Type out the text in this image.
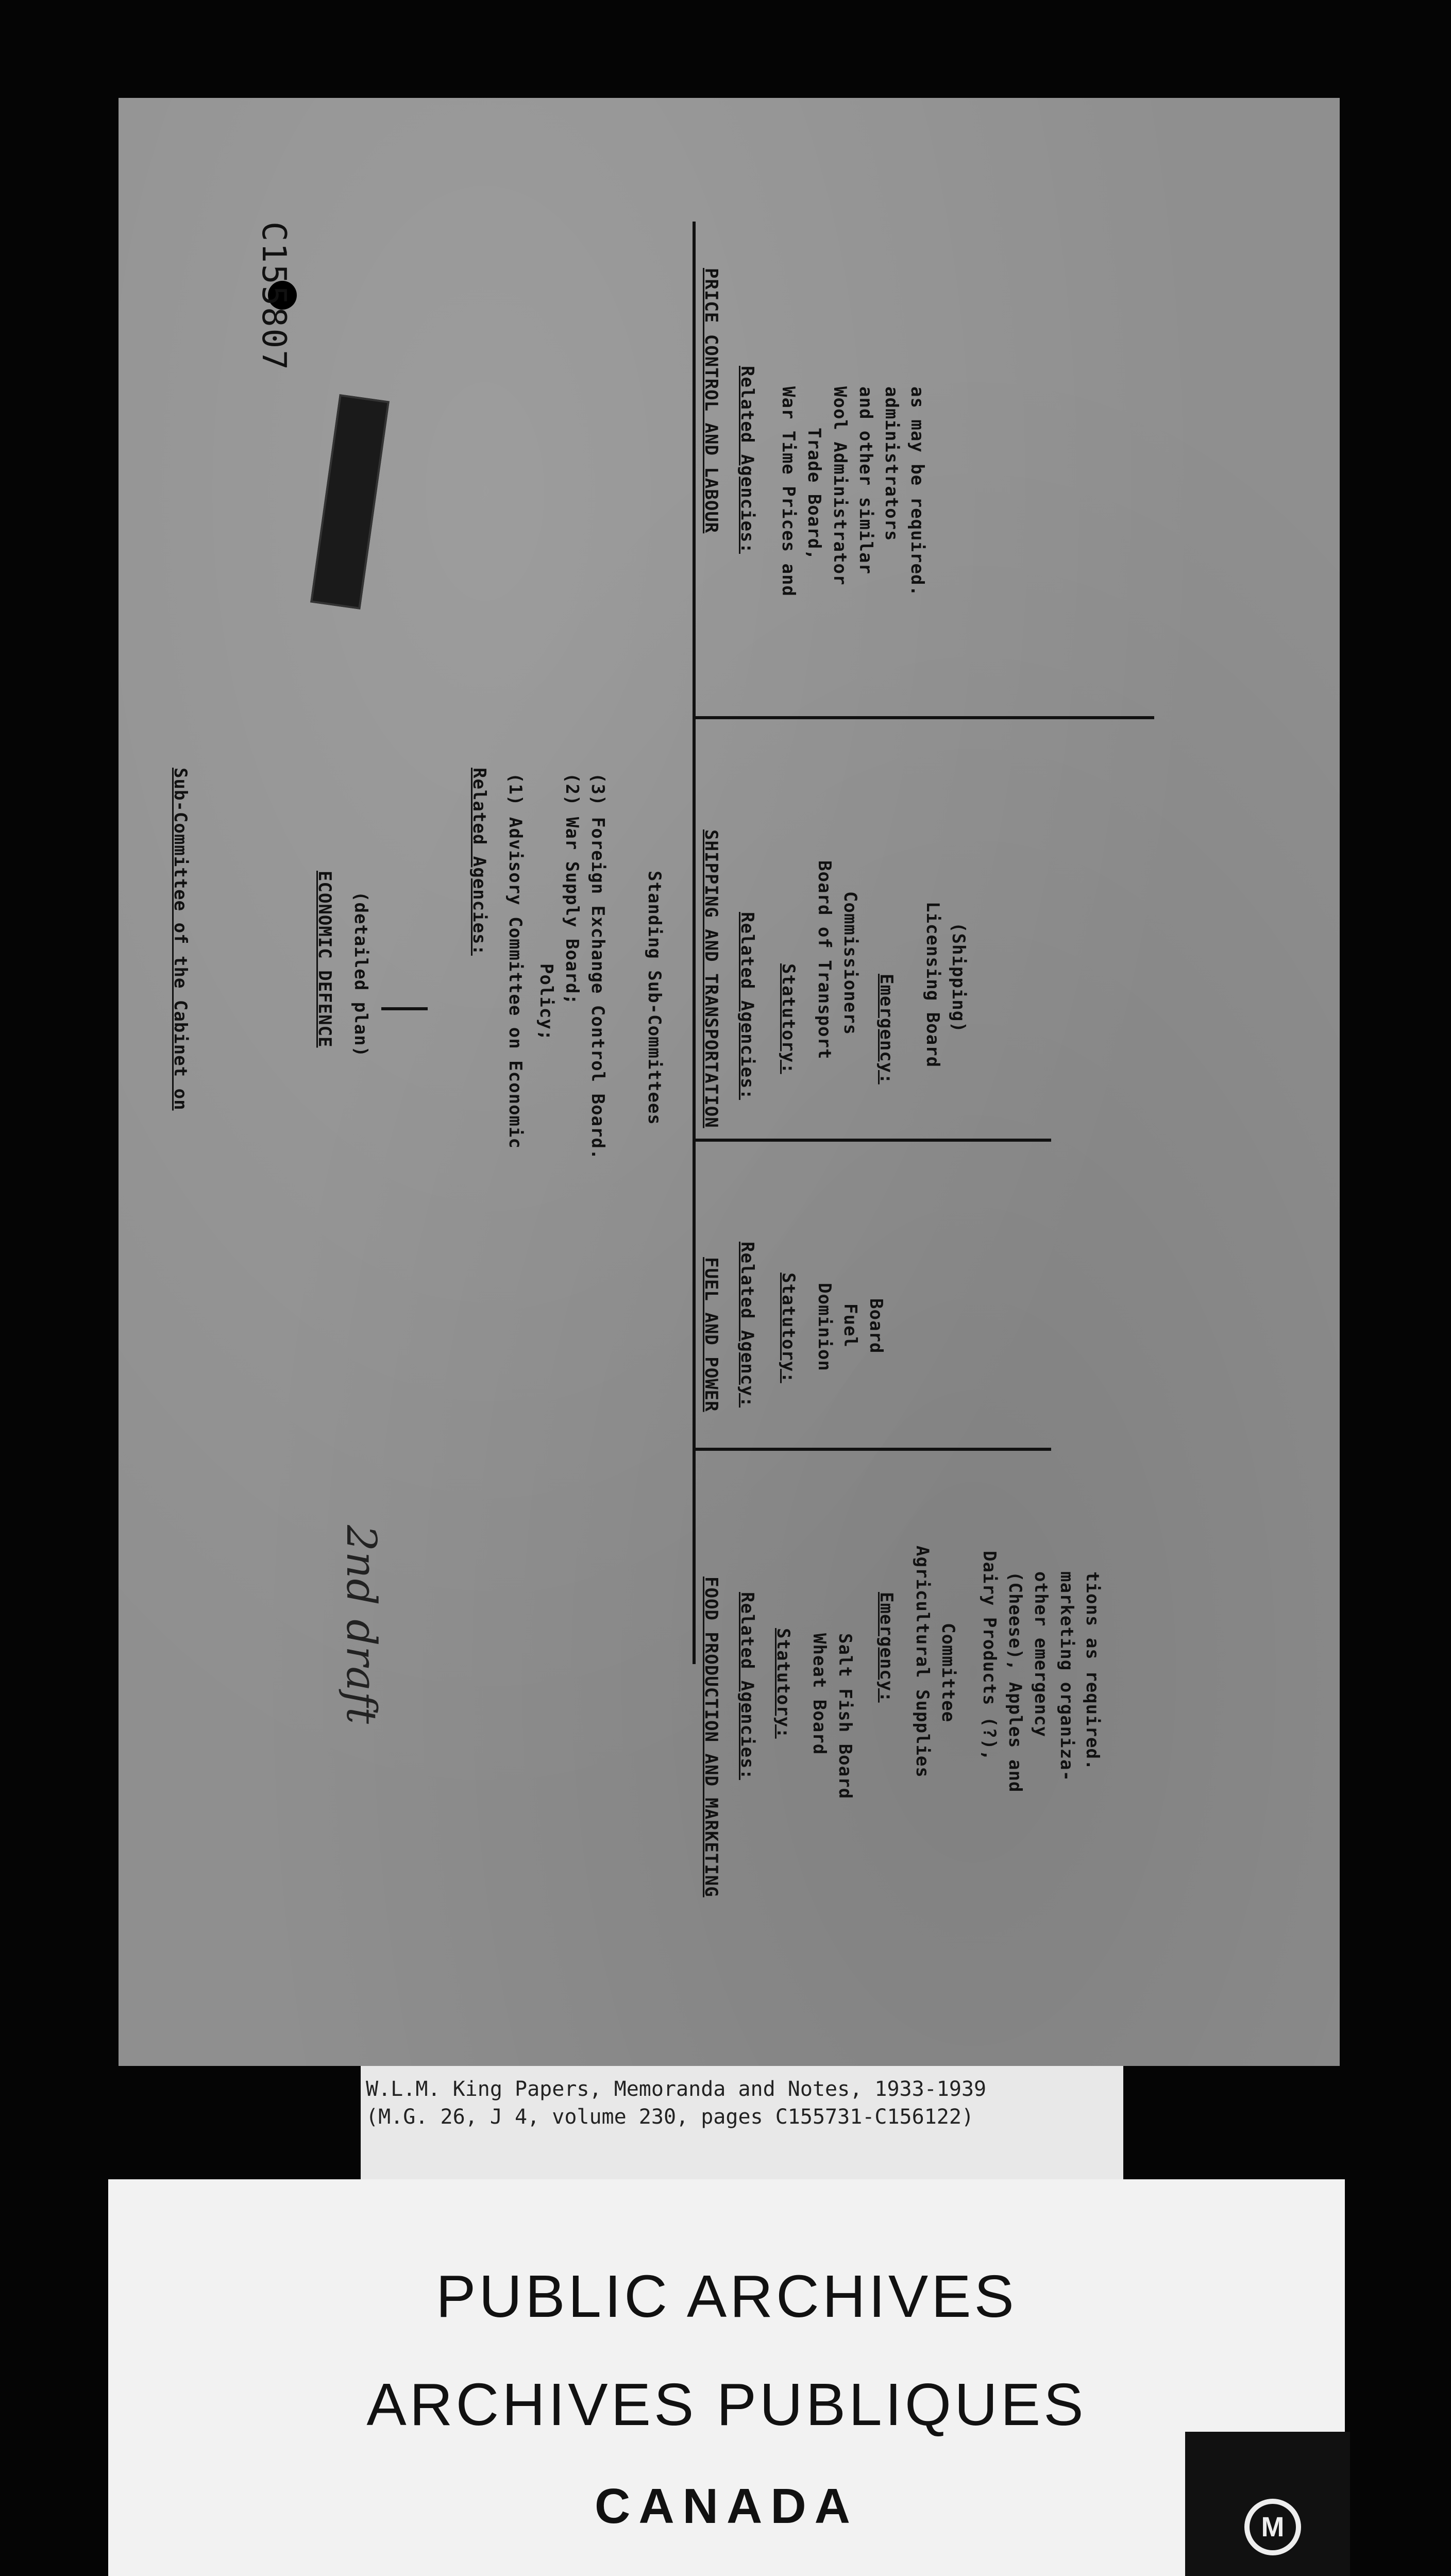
C155807
Sub-Committee of the Cabinet on	ECONOMIC DEFENCE (detailed plan)
Related Agencies: (1) Advisory Committee on Economic Policy; (2) War Supply Board; (3) Foreign Exchange Control Board. Standing Sub-Committees
FOOD PRODUCTION AND MARKETING Related Agencies: Statutory: Wheat Board Salt Fish Board Emergency: Agricultural Supplies Committee Dairy Products (?), (Cheese), Apples and other emergency marketing organiza- tions as required.
FUEL AND POWER Related Agency: Statutory: Dominion Fuel Board
SHIPPING AND TRANSPORTATION Related Agencies: Statutory: Board of Transport Commissioners Emergency: Licensing Board (Shipping)
PRICE CONTROL AND LABOUR Related Agencies: War Time Prices and Trade Board, Wool Administrator and other similar administrators as may be required.
2nd draft
W.L.M. King Papers, Memoranda and Notes, 1933-1939
(M.G. 26, J 4, volume 230, pages C155731-C156122)
PUBLIC ARCHIVES
ARCHIVES PUBLIQUES
CANADA	M
